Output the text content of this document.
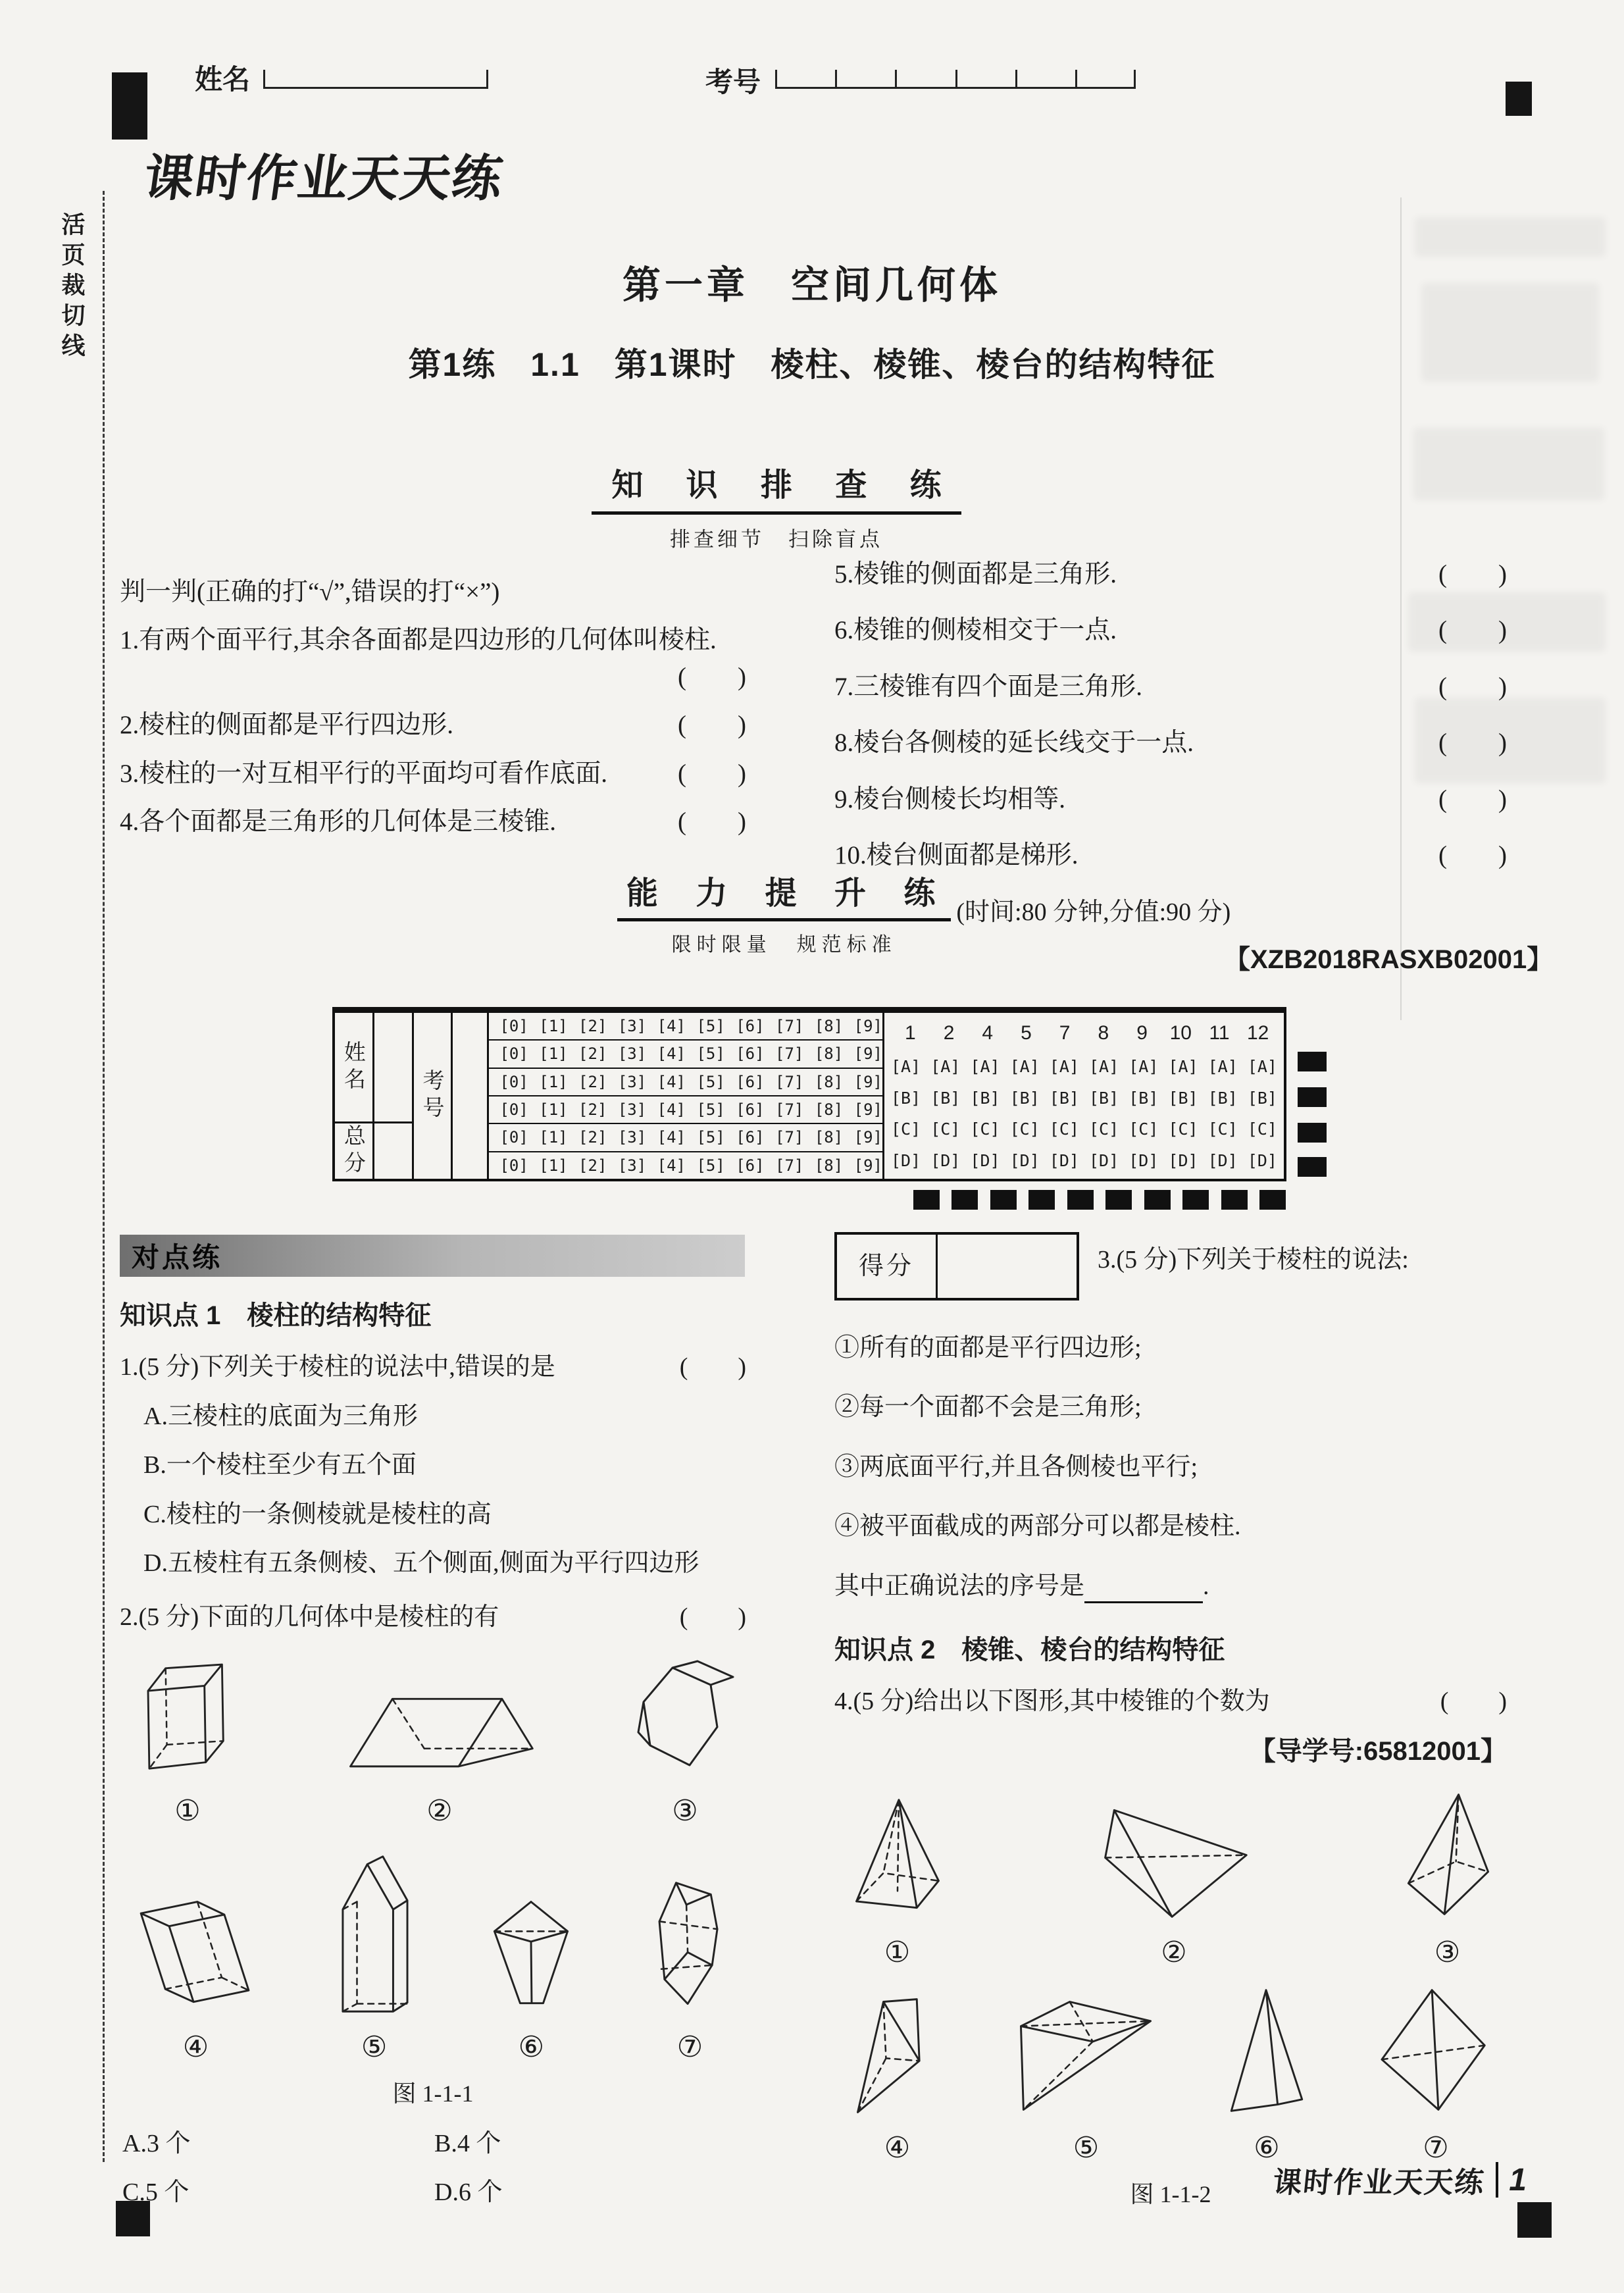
活页裁切线
姓名	考号
课时作业天天练
第一章　空间几何体
第1练　1.1　第1课时　棱柱、棱锥、棱台的结构特征
知 识 排 查 练
排查细节　扫除盲点
判一判(正确的打“√”,错误的打“×”)
1.有两个面平行,其余各面都是四边形的几何体叫棱柱.
(　　)
2.棱柱的侧面都是平行四边形.	(　　)
3.棱柱的一对互相平行的平面均可看作底面.	(　　)
4.各个面都是三角形的几何体是三棱锥.	(　　)
5.棱锥的侧面都是三角形.	(　　)
6.棱锥的侧棱相交于一点.	(　　)
7.三棱锥有四个面是三角形.	(　　)
8.棱台各侧棱的延长线交于一点.	(　　)
9.棱台侧棱长均相等.	(　　)
10.棱台侧面都是梯形.	(　　)
能 力 提 升 练
限时限量　规范标准
(时间:80 分钟,分值:90 分)
【XZB2018RASXB02001】
姓名
总分
考号
[0] [1] [2] [3] [4] [5] [6] [7] [8] [9]
[0] [1] [2] [3] [4] [5] [6] [7] [8] [9]
[0] [1] [2] [3] [4] [5] [6] [7] [8] [9]
[0] [1] [2] [3] [4] [5] [6] [7] [8] [9]
[0] [1] [2] [3] [4] [5] [6] [7] [8] [9]
[0] [1] [2] [3] [4] [5] [6] [7] [8] [9]
1	2	4	5	7	8	9	10 11 12
[A] [A] [A] [A] [A] [A] [A] [A] [A] [A]
[B] [B] [B] [B] [B] [B] [B] [B] [B] [B]
[C] [C] [C] [C] [C] [C] [C] [C] [C] [C]
[D] [D] [D] [D] [D] [D] [D] [D] [D] [D]
对点练
知识点 1　棱柱的结构特征
1.(5 分)下列关于棱柱的说法中,错误的是	(　　)
A.三棱柱的底面为三角形
B.一个棱柱至少有五个面
C.棱柱的一条侧棱就是棱柱的高
D.五棱柱有五条侧棱、五个侧面,侧面为平行四边形
2.(5 分)下面的几何体中是棱柱的有	(　　)
①	②	③
④	⑤	⑥	⑦
图 1-1-1
A.3 个	B.4 个
C.5 个	D.6 个
得分	3.(5 分)下列关于棱柱的说法:
①所有的面都是平行四边形;
②每一个面都不会是三角形;
③两底面平行,并且各侧棱也平行;
④被平面截成的两部分可以都是棱柱.
其中正确说法的序号是	.
知识点 2　棱锥、棱台的结构特征
4.(5 分)给出以下图形,其中棱锥的个数为	(　　)
【导学号:65812001】
①	②	③
④	⑤	⑥	⑦
图 1-1-2	课时作业天天练 1
